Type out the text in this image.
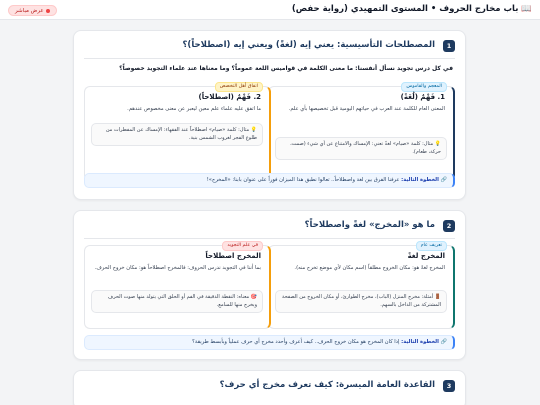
📖باب مخارج الحروف • المستوى التمهيدي (رواية حفص)
عرض مباشر
1
المصطلحات التأسيسية: يعني إيه (لغةً) ويعني إيه (اصطلاحاً)؟
في كل درس تجويد نسأل أنفسنا: ما معنى الكلمة في قواميس اللغة عموماً؟ وما معناها عند علماء التجويد خصوصاً؟
المعجم والقاموس
1. فَهْمٌ (لُغَةً)
المعنى العام للكلمة عند العرب في حياتهم اليومية قبل تخصيصها بأي علم.
💡 مثال: كلمة «صيام» لغةً تعني: الإمساك والامتناع عن أي شيء (صمت، حركة، طعام).
اتفاق أهل التخصص
2. فَهْمٌ (اصطلاحاً)
ما اتفق عليه علماء علم معين ليعبر عن معنى مخصوص عندهم.
💡 مثال: كلمة «صيام» اصطلاحاً عند الفقهاء: الإمساك عن المفطرات من طلوع الفجر لغروب الشمس بنية.
🔗 الخطوة التالية: عرفنا الفرق بين لغة واصطلاحاً.. تعالوا نطبق هذا الميزان فوراً على عنوان بابنا: «المخرج»!
2
ما هو «المخرج» لغةً واصطلاحاً؟
تعريف عام
المخرج لغةً
المخرج لغةً هو: مكان الخروج مطلقاً (اسم مكان لأي موضع تخرج منه).
🚪 أمثلة: مخرج المنزل (الباب)، مخرج الطوارئ، أو مكان الخروج من الصفحة المشتركة من الداخل بالسهم.
في علم التجويد
المخرج اصطلاحاً
بما أننا في التجويد ندرس الحروف: فالمخرج اصطلاحاً هو: مكان خروج الحرف.
🎯 معناه: النقطة الدقيقة في الفم أو الحلق التي يتولد منها صوت الحرف ويخرج منها للسامع.
🔗 الخطوة التالية: إذا كان المخرج هو مكان خروج الحرف.. كيف أعرف وأحدد مخرج أي حرف عملياً وبأبسط طريقة؟
3
القاعدة العامة الميسرة: كيف تعرف مخرج أي حرف؟
